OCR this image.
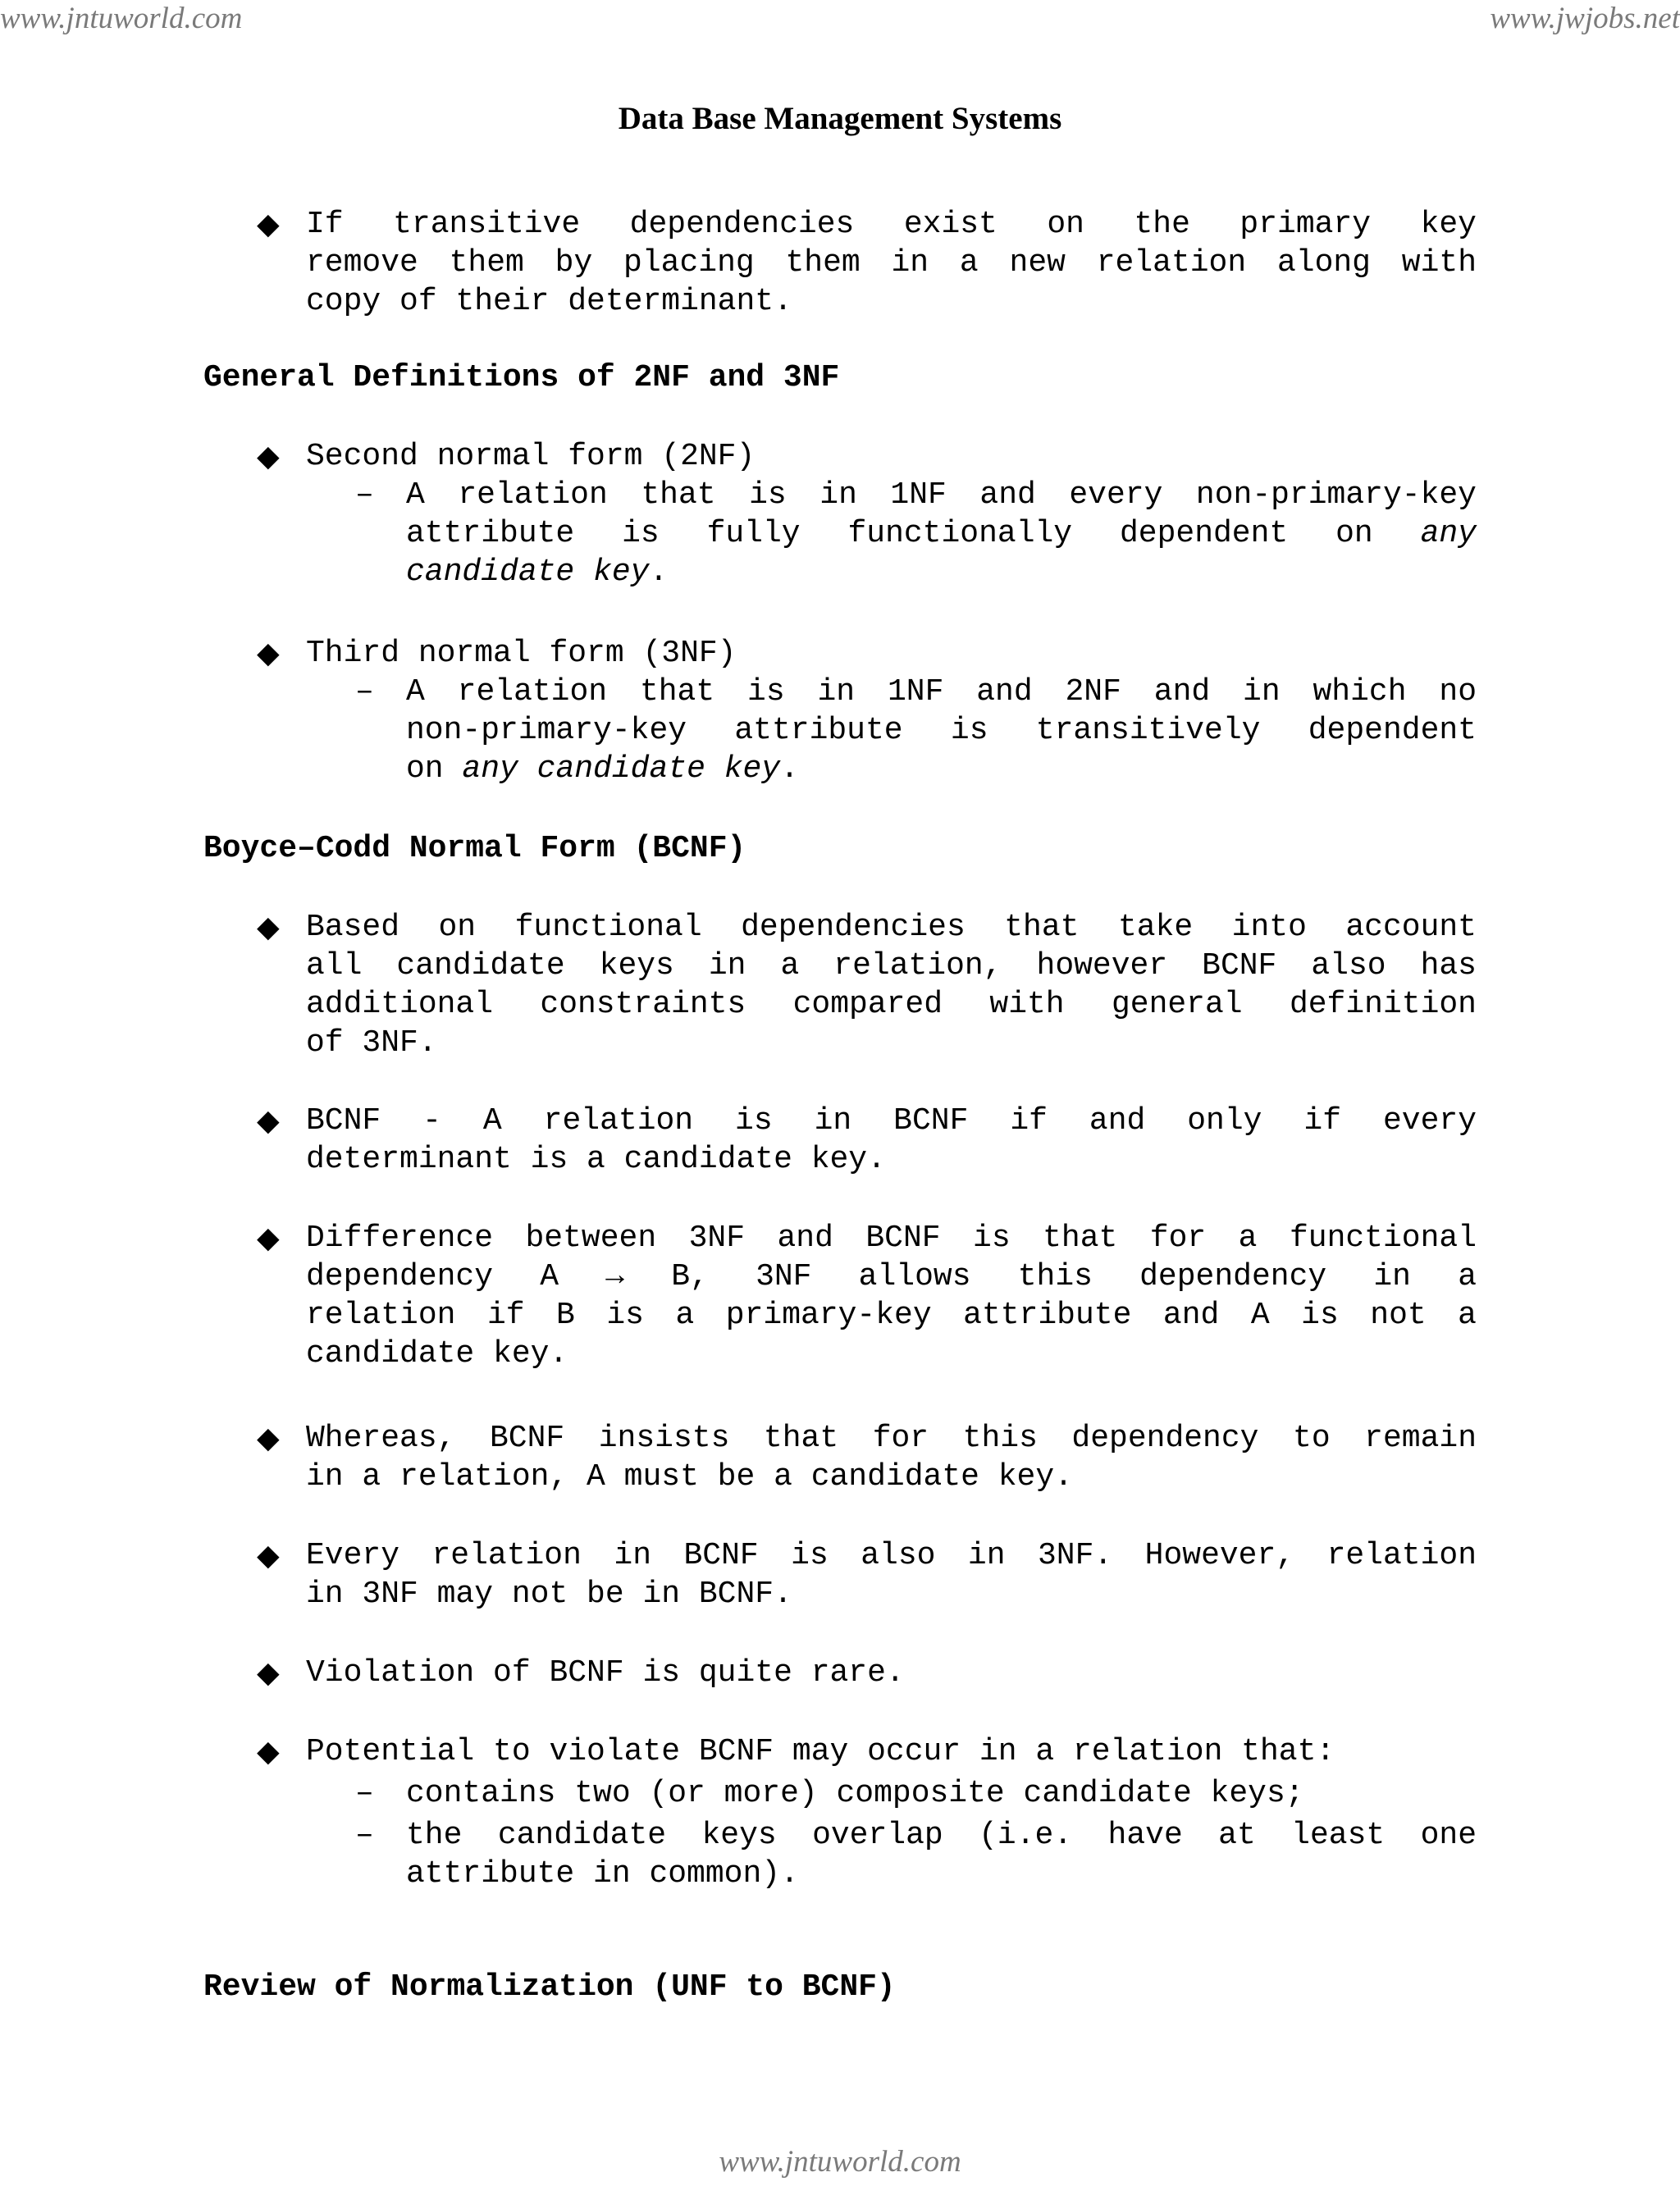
www.jntuworld.com	www.jwjobs.net
Data Base Management Systems
◆ If transitive dependencies exist on the primary key
remove them by placing them in a new relation along with
copy of their determinant.
General Definitions of 2NF and 3NF
◆ Second normal form (2NF)
– A relation that is in 1NF and every non-primary-key
attribute is fully functionally dependent on any
candidate key.
◆ Third normal form (3NF)
– A relation that is in 1NF and 2NF and in which no
non-primary-key attribute is transitively dependent
on any candidate key.
Boyce–Codd Normal Form (BCNF)
◆ Based on functional dependencies that take into account
all candidate keys in a relation, however BCNF also has
additional constraints compared with general definition
of 3NF.
◆ BCNF - A relation is in BCNF if and only if every
determinant is a candidate key.
◆ Difference between 3NF and BCNF is that for a functional
dependency A → B, 3NF allows this dependency in a
relation if B is a primary-key attribute and A is not a
candidate key.
◆ Whereas, BCNF insists that for this dependency to remain
in a relation, A must be a candidate key.
◆ Every relation in BCNF is also in 3NF. However, relation
in 3NF may not be in BCNF.
◆ Violation of BCNF is quite rare.
◆ Potential to violate BCNF may occur in a relation that:
– contains two (or more) composite candidate keys;
– the candidate keys overlap (i.e. have at least one
attribute in common).
Review of Normalization (UNF to BCNF)
www.jntuworld.com
